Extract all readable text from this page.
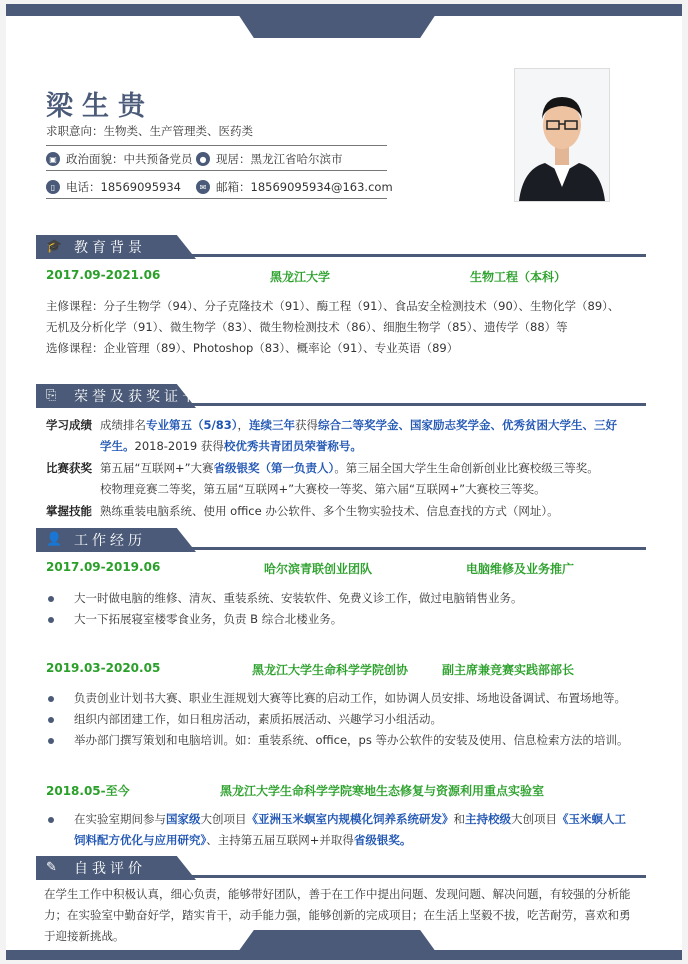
梁生贵
求职意向：生物类、生产管理类、医药类
▣ 政治面貌：中共预备党员 ● 现居：黑龙江省哈尔滨市
▯ 电话：18569095934	✉ 邮箱：18569095934@163.com
🎓 教育背景
2017.09-2021.06	黑龙江大学	生物工程（本科）

主修课程：分子生物学（94）、分子克隆技术（91）、酶工程（91）、食品安全检测技术（90）、生物化学（89）、

无机及分析化学（91）、微生物学（83）、微生物检测技术（86）、细胞生物学（85）、遗传学（88）等

选修课程：企业管理（89）、Photoshop（83）、概率论（91）、专业英语（89）

⎘ 荣誉及获奖证书
学习成绩 成绩排名专业第五（5/83），连续三年获得综合二等奖学金、国家励志奖学金、优秀贫困大学生、三好
学生。2018-2019 获得校优秀共青团员荣誉称号。
比赛获奖 第五届“互联网+”大赛省级银奖（第一负责人）。第三届全国大学生生命创新创业比赛校级三等奖。
校物理竞赛二等奖，第五届“互联网+”大赛校一等奖、第六届“互联网+”大赛校三等奖。
掌握技能 熟练重装电脑系统、使用 office 办公软件、多个生物实验技术、信息查找的方式（网址）。
👤 工作经历
2017.09-2019.06	哈尔滨青联创业团队	电脑维修及业务推广
大一时做电脑的维修、清灰、重装系统、安装软件、免费义诊工作，做过电脑销售业务。
大一下拓展寝室楼零食业务，负责 B 综合北楼业务。
2019.03-2020.05	黑龙江大学生命科学学院创协	副主席兼竞赛实践部部长
负责创业计划书大赛、职业生涯规划大赛等比赛的启动工作，如协调人员安排、场地设备调试、布置场地等。
组织内部团建工作，如日租房活动，素质拓展活动、兴趣学习小组活动。
举办部门撰写策划和电脑培训。如：重装系统、office，ps 等办公软件的安装及使用、信息检索方法的培训。
2018.05-至今	黑龙江大学生命科学学院寒地生态修复与资源利用重点实验室
在实验室期间参与国家级大创项目《亚洲玉米螟室内规模化饲养系统研发》和主持校级大创项目《玉米螟人工
饲料配方优化与应用研究》、主持第五届互联网+并取得省级银奖。
✎ 自我评价

在学生工作中积极认真，细心负责，能够带好团队，善于在工作中提出问题、发现问题、解决问题，有较强的分析能

力；在实验室中勤奋好学，踏实肯干，动手能力强，能够创新的完成项目；在生活上坚毅不拔，吃苦耐劳，喜欢和勇

于迎接新挑战。
